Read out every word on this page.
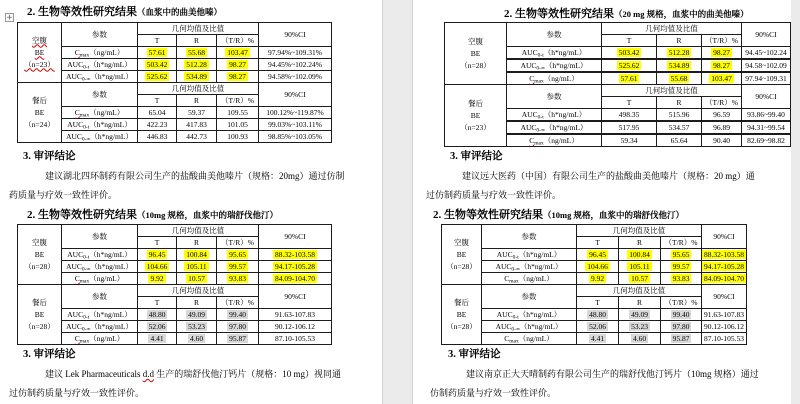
+ 2. 生物等效性研究结果（血浆中的曲美他嗪）
空腹
BE
（n=23）	参数	几何均值及比值			90%CI
		T	R	（T/R）%	
	$C_{max}(ng/mL)$	57.61	55.68	103.47	97.94%~109.31%
	$AUC_{0-t}(h*ng/mL)$	503.42	512.28	98.27	94.45%~102.24%
	$AUC_{0-\infty}(h*ng/mL)$	525.62	534.89	98.27	94.58%~102.09%

餐后
BE
（n=24）	参数	几何均值及比值			90%CI
		T	R	（T/R）%	
	$C_{max}(ng/mL)$	65.04	59.37	109.55	100.12%~119.87%
	$AUC_{0-t}(h*ng/mL)$	422.23	417.83	101.05	99.03%~103.11%
	$AUC_{0-\infty}(h*ng/mL)$	446.83	442.73	100.93	98.85%~103.05%
3. 审评结论
建议湖北四环制药有限公司生产的盐酸曲美他嗪片（规格：20mg）通过仿制
药质量与疗效一致性评价。
2. 生物等效性研究结果（10mg 规格，血浆中的瑞舒伐他汀）
空腹
BE
（n=28）	参数	几何均值及比值			90%CI
		T	R	（T/R）%	
	$AUC_{0-t}(h*ng/mL)$	96.45	100.84	95.65	88.32-103.58
	$AUC_{0-\infty}(h*ng/mL)$	104.66	105.11	99.57	94.17-105.28
	$C_{max}(ng/mL)$	9.92	10.57	93.83	84.09-104.70

餐后
BE
（n=28）	参数	几何均值及比值			90%CI
		T	R	（T/R）%	
	$AUC_{0-t}(h*ng/mL)$	48.80	49.09	99.40	91.63-107.83
	$AUC_{0-\infty}(h*ng/mL)$	52.06	53.23	97.80	90.12-106.12
	$C_{max}(ng/mL)$	4.41	4.60	95.87	87.10-105.53
3. 审评结论
建议 Lek Pharmaceuticals d.d 生产的瑞舒伐他汀钙片（规格：10 mg）视同通
过仿制药质量与疗效一致性评价。
2. 生物等效性研究结果（20 mg 规格，血浆中的曲美他嗪）
空腹
BE
（n=28）	参数	几何均值及比值			90%CI
		T	R	（T/R）%	
	$AUC_{0-t}(h*ng/mL)$	503.42	512.28	98.27	94.45~102.24
	$AUC_{0-\infty}(h*ng/mL)$	525.62	534.89	98.27	94.58~102.09
	$C_{max}(ng/mL)$	57.61	55.68	103.47	97.94~109.31

餐后
BE
（n=23）	参数	几何均值及比值			90%CI
		T	R	（T/R）%	
	$AUC_{0-t}(h*ng/mL)$	498.35	515.96	96.59	93.86~99.40
	$AUC_{0-\infty}(h*ng/mL)$	517.95	534.57	96.89	94.31~99.54
	$C_{max}(ng/mL)$	59.34	65.64	90.40	82.69~98.82
3. 审评结论
建议远大医药（中国）有限公司生产的盐酸曲美他嗪片（规格：20 mg）通
过仿制药质量与疗效一致性评价。
2. 生物等效性研究结果（10mg 规格，血浆中的瑞舒伐他汀）
空腹
BE
（n=28）	参数	几何均值及比值			90%CI
		T	R	（T/R）%	
	$AUC_{0-t}(h*ng/mL)$	96.45	100.84	95.65	88.32-103.58
	$AUC_{0-\infty}(h*ng/mL)$	104.66	105.11	99.57	94.17-105.28
	$C_{max}(ng/mL)$	9.92	10.57	93.83	84.09-104.70

餐后
BE
（n=28）	参数	几何均值及比值			90%CI
		T	R	（T/R）%	
	$AUC_{0-t}(h*ng/mL)$	48.80	49.09	99.40	91.63-107.83
	$AUC_{0-\infty}(h*ng/mL)$	52.06	53.23	97.80	90.12-106.12
	$C_{max}(ng/mL)$	4.41	4.60	95.87	87.10-105.53
3. 审评结论
建议南京正大天晴制药有限公司生产的瑞舒伐他汀钙片（10mg 规格）通过
仿制药质量与疗效一致性评价。
